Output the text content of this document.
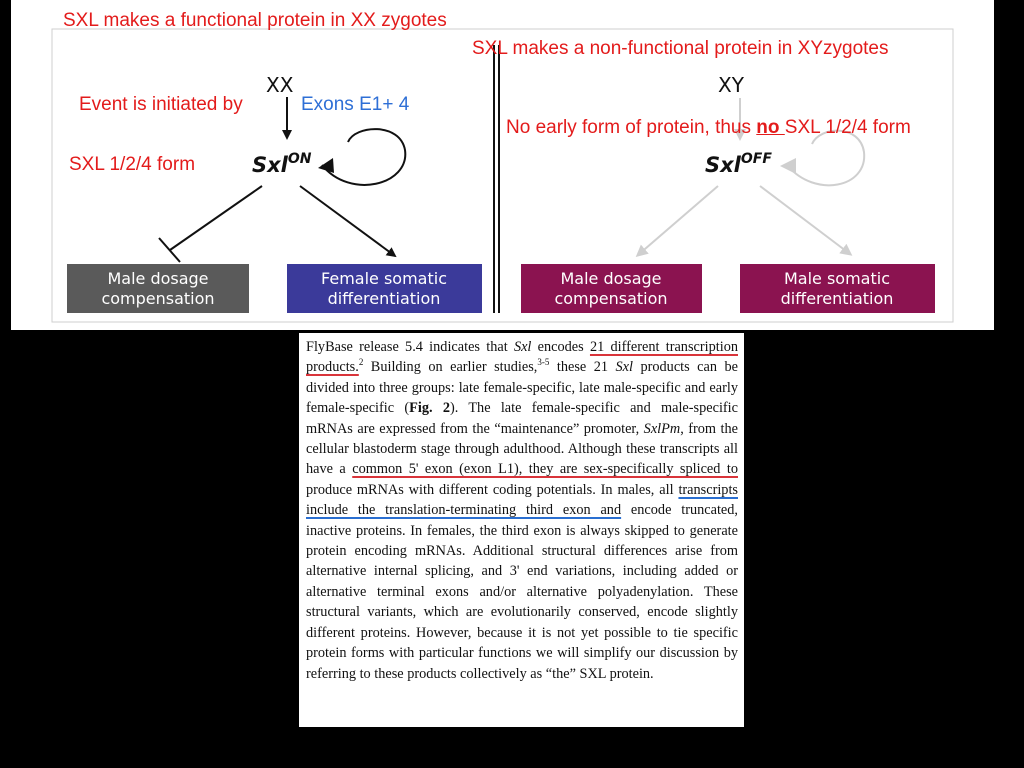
XX
Sxl$^{ON}$
Male dosage
compensation
Female somatic
differentiation
XY
Sxl$^{OFF}$
Male dosage
compensation
Male somatic
differentiation
SXL makes a functional protein in XX zygotes
SXL makes a non-functional protein in XYzygotes
Event is initiated by	Exons E1+ 4
SXL 1/2/4 form
No early form of protein, thus no SXL 1/2/4 form

FlyBase release 5.4 indicates that Sxl encodes 21 different transcription products.$^2$ Building on earlier studies,$^{3-5}$ these 21 Sxl products can be divided into three groups: late female-specific, late male-specific and early female-specific (Fig. 2). The late female-specific and male-specific mRNAs are expressed from the “maintenance” promoter, SxlPm, from the cellular blastoderm stage through adulthood. Although these transcripts all have a common 5' exon (exon L1), they are sex-specifically spliced to produce mRNAs with different coding potentials. In males, all transcripts include the translation-terminating third exon and encode truncated, inactive proteins. In females, the third exon is always skipped to generate protein encoding mRNAs. Additional structural differences arise from alternative internal splicing, and 3' end variations, including added or alternative terminal exons and/or alternative polyadenylation. These structural variants, which are evolutionarily conserved, encode slightly different proteins. However, because it is not yet possible to tie specific protein forms with particular functions we will simplify our discussion by referring to these products collectively as “the” SXL protein.
